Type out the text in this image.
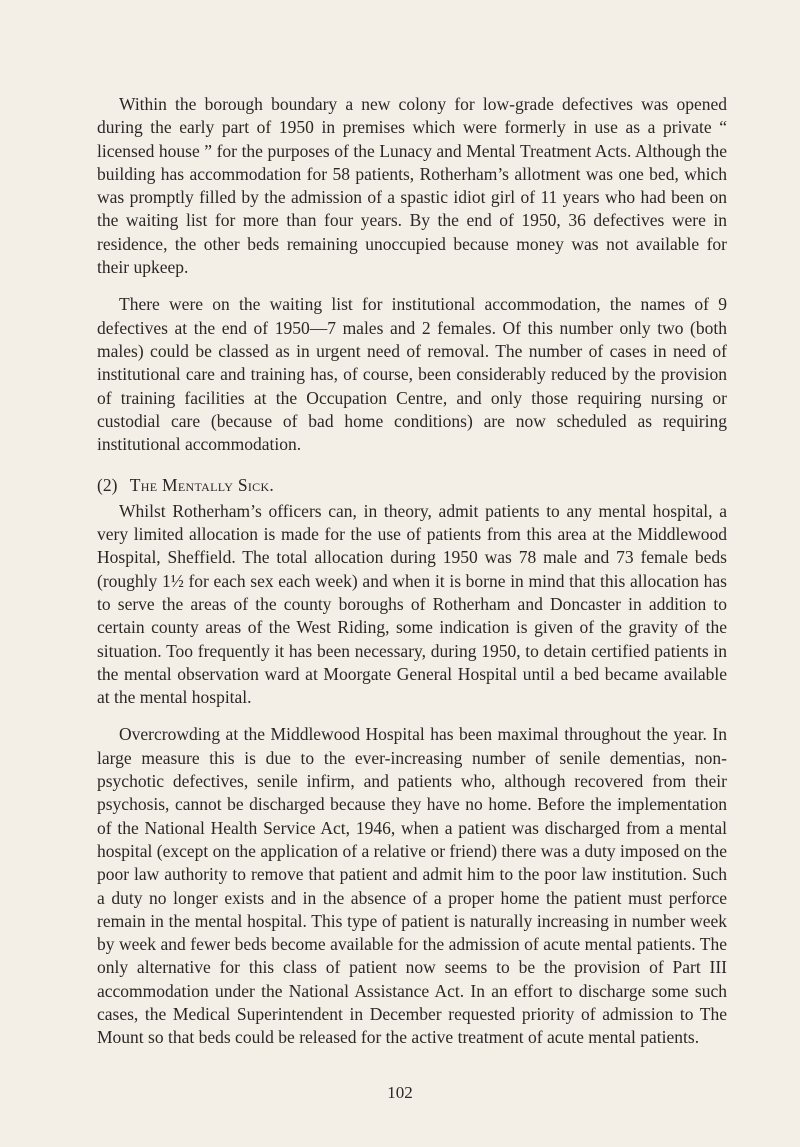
Within the borough boundary a new colony for low-grade defectives was opened during the early part of 1950 in premises which were formerly in use as a private “ licensed house ” for the purposes of the Lunacy and Mental Treatment Acts. Although the building has accommodation for 58 patients, Rotherham’s allotment was one bed, which was promptly filled by the admission of a spastic idiot girl of 11 years who had been on the waiting list for more than four years. By the end of 1950, 36 defectives were in residence, the other beds remaining unoccupied because money was not available for their upkeep.

There were on the waiting list for institutional accommodation, the names of 9 defectives at the end of 1950—7 males and 2 females. Of this number only two (both males) could be classed as in urgent need of removal. The number of cases in need of institutional care and training has, of course, been considerably reduced by the provision of training facilities at the Occupation Centre, and only those requiring nursing or custodial care (because of bad home conditions) are now scheduled as requiring institutional accommodation.

(2) The Mentally Sick.

Whilst Rotherham’s officers can, in theory, admit patients to any mental hospital, a very limited allocation is made for the use of patients from this area at the Middlewood Hospital, Sheffield. The total allocation during 1950 was 78 male and 73 female beds (roughly 1½ for each sex each week) and when it is borne in mind that this allocation has to serve the areas of the county boroughs of Rotherham and Doncaster in addition to certain county areas of the West Riding, some indication is given of the gravity of the situation. Too frequently it has been necessary, during 1950, to detain certified patients in the mental observation ward at Moorgate General Hospital until a bed became available at the mental hospital.

Overcrowding at the Middlewood Hospital has been maximal throughout the year. In large measure this is due to the ever-increasing number of senile dementias, non-psychotic defectives, senile infirm, and patients who, although recovered from their psychosis, cannot be discharged because they have no home. Before the implementation of the National Health Service Act, 1946, when a patient was discharged from a mental hospital (except on the application of a relative or friend) there was a duty imposed on the poor law authority to remove that patient and admit him to the poor law institution. Such a duty no longer exists and in the absence of a proper home the patient must perforce remain in the mental hospital. This type of patient is naturally increasing in number week by week and fewer beds become available for the admission of acute mental patients. The only alternative for this class of patient now seems to be the provision of Part III accommodation under the National Assistance Act. In an effort to discharge some such cases, the Medical Superintendent in December requested priority of admission to The Mount so that beds could be released for the active treatment of acute mental patients.

102
